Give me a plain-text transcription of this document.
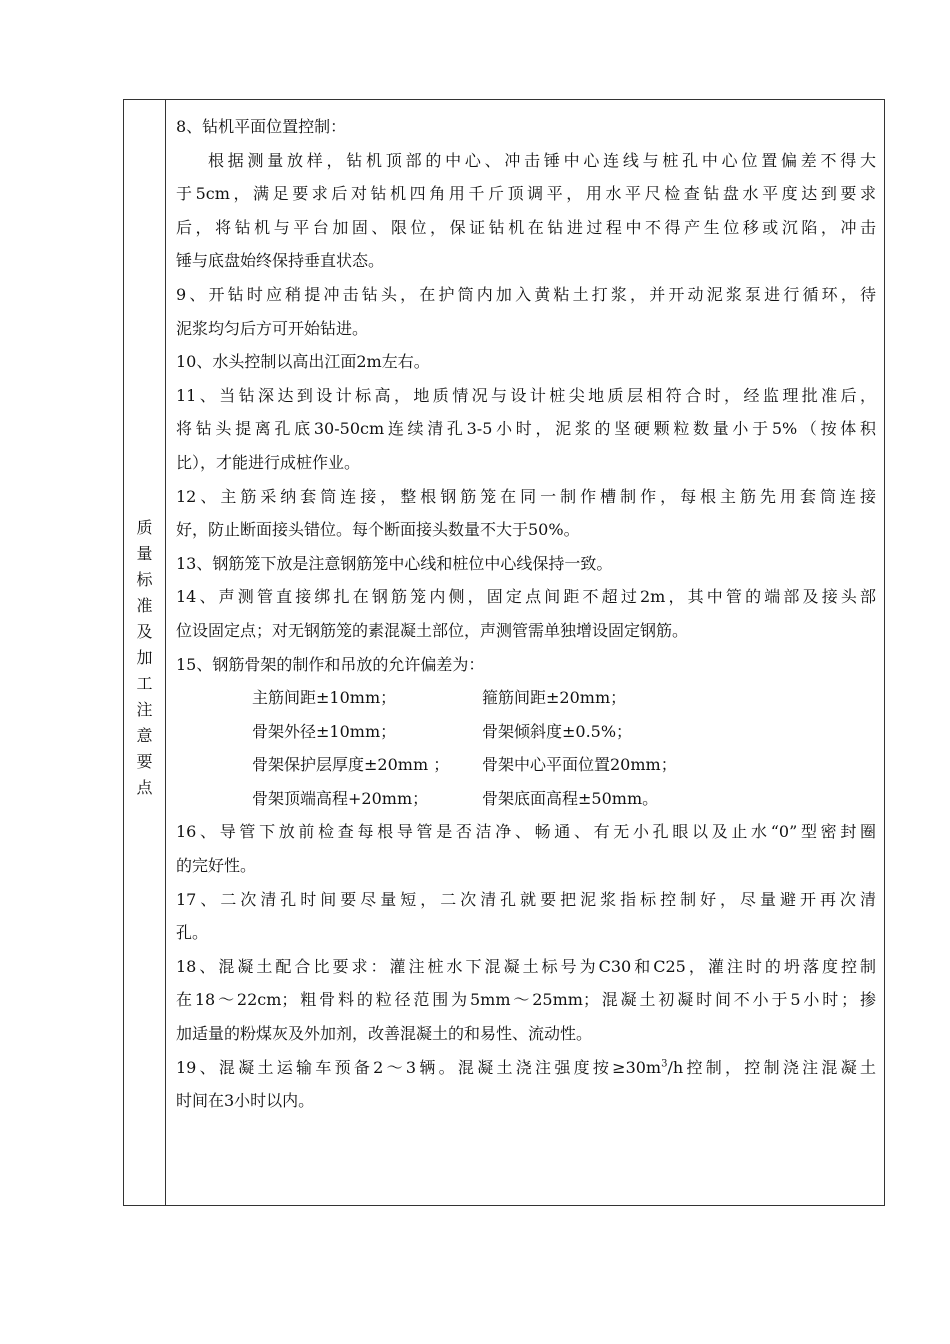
质
量
标
准
及
加
工
注
意
要
点
8、钻机平面位置控制：
根据测量放样，钻机顶部的中心、冲击锤中心连线与桩孔中心位置偏差不得大
于5cm，满足要求后对钻机四角用千斤顶调平，用水平尺检查钻盘水平度达到要求
后，将钻机与平台加固、限位，保证钻机在钻进过程中不得产生位移或沉陷，冲击
锤与底盘始终保持垂直状态。
9、开钻时应稍提冲击钻头，在护筒内加入黄粘土打浆，并开动泥浆泵进行循环，待
泥浆均匀后方可开始钻进。
10、水头控制以高出江面2m左右。
11、当钻深达到设计标高，地质情况与设计桩尖地质层相符合时，经监理批准后，
将钻头提离孔底30-50cm连续清孔3-5小时，泥浆的坚硬颗粒数量小于5%（按体积
比），才能进行成桩作业。
12、主筋采纳套筒连接，整根钢筋笼在同一制作槽制作，每根主筋先用套筒连接
好，防止断面接头错位。每个断面接头数量不大于50%。
13、钢筋笼下放是注意钢筋笼中心线和桩位中心线保持一致。
14、声测管直接绑扎在钢筋笼内侧，固定点间距不超过2m，其中管的端部及接头部
位设固定点；对无钢筋笼的素混凝土部位，声测管需单独增设固定钢筋。
15、钢筋骨架的制作和吊放的允许偏差为：
主筋间距±10mm；	箍筋间距±20mm；
骨架外径±10mm；	骨架倾斜度±0.5%；
骨架保护层厚度±20mm ；	骨架中心平面位置20mm；
骨架顶端高程+20mm；	骨架底面高程±50mm。
16、导管下放前检查每根导管是否洁净、畅通、有无小孔眼以及止水“0”型密封圈
的完好性。
17、二次清孔时间要尽量短，二次清孔就要把泥浆指标控制好，尽量避开再次清
孔。
18、混凝土配合比要求：灌注桩水下混凝土标号为C30和C25，灌注时的坍落度控制
在18～22cm；粗骨料的粒径范围为5mm～25mm；混凝土初凝时间不小于5小时；掺
加适量的粉煤灰及外加剂，改善混凝土的和易性、流动性。
19、混凝土运输车预备2～3辆。混凝土浇注强度按$\ge 30m^3/h$控制，控制浇注混凝土
时间在3小时以内。
